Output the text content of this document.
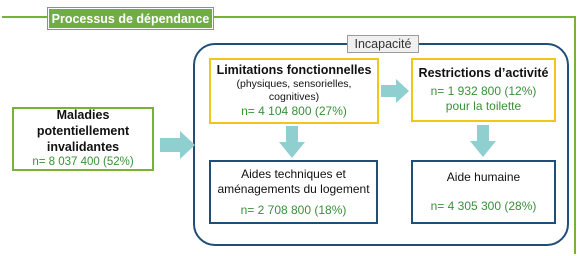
Processus de dépendance
Incapacité
Maladies
potentiellement
invalidantes
n= 8 037 400 (52%)
Limitations fonctionnelles
(physiques, sensorielles,
cognitives)
n= 4 104 800 (27%)
Restrictions d’activité
n= 1 932 800 (12%)
pour la toilette
Aides techniques et
aménagements du logement
n= 2 708 800 (18%)
Aide humaine
n= 4 305 300 (28%)
